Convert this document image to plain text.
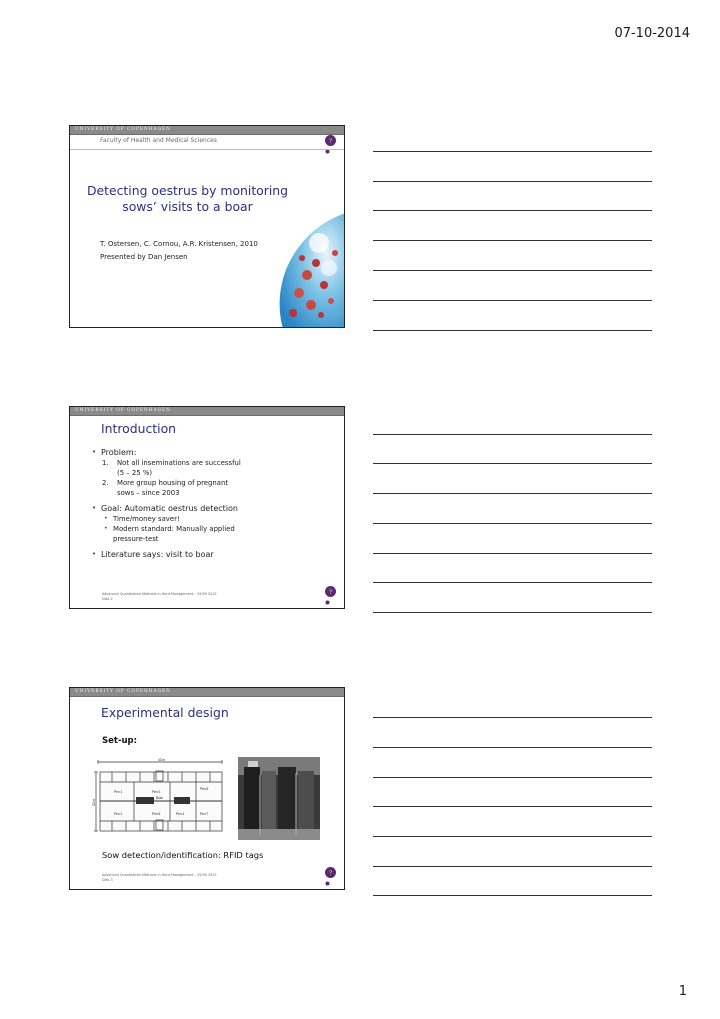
07-10-2014
UNIVERSITY OF COPENHAGEN
Faculty of Health and Medical Sciences	?
Detecting oestrus by monitoring
sows’ visits to a boar
T. Ostersen, C. Cornou, A.R. Kristensen, 2010
Presented by Dan Jensen
UNIVERSITY OF COPENHAGEN
Introduction
• Problem:
1. Not all inseminations are successful
(5 – 25 %)
2. More group housing of pregnant
sows – since 2003
• Goal: Automatic oestrus detection
• Time/money saver!
• Modern standard: Manually applied
pressure-test
• Literature says: visit to boar
?
Advanced Quantitative Methods in Herd Management – 25/09 2013
Dias 2
UNIVERSITY OF COPENHAGEN
Experimental design
Set-up:
43 m
20 m
Pen 1
Pen 2
Pen 3
Pen 4
Pen 5
Pen 6	Pen 7
Boar
Sow detection/identification: RFID tags
?
Advanced Quantitative Methods in Herd Management – 25/09 2013
Dias 3
1
